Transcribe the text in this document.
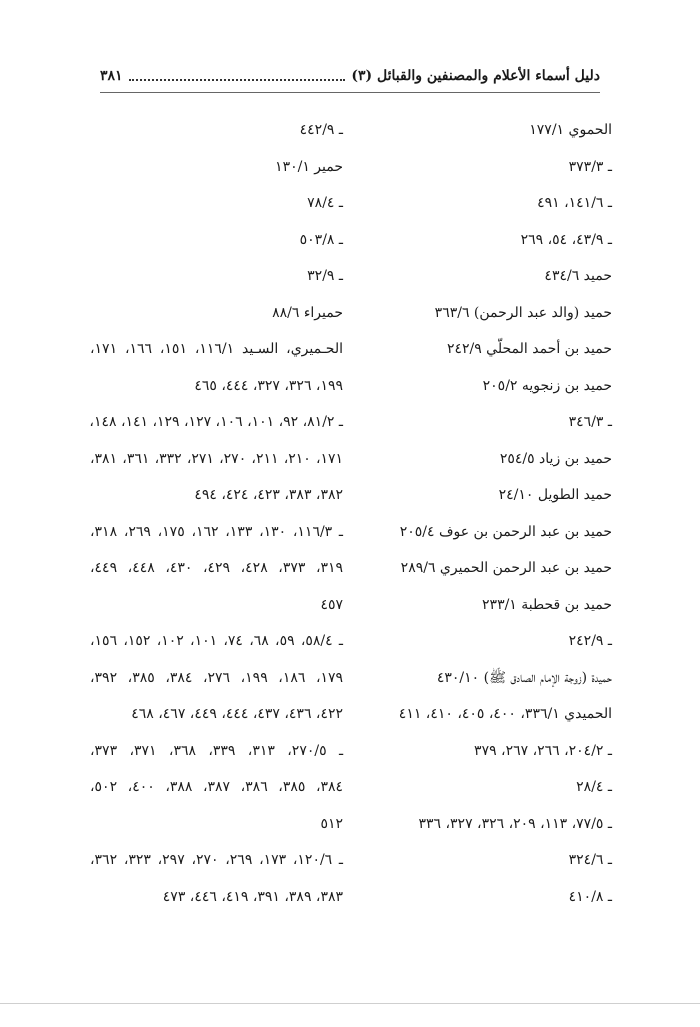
دليل أسماء الأعلام والمصنفين والقبائل (٣)
٣٨١
الحموي ١٧٧/١
ـ ٣٧٣/٣
ـ ١٤١/٦، ٤٩١
ـ ٤٣/٩، ٥٤، ٢٦٩
حميد ٤٣٤/٦
حميد (والد عبد الرحمن) ٣٦٣/٦
حميد بن أحمد المحلّي ٢٤٢/٩
حميد بن زنجويه ٢٠٥/٢
ـ ٣٤٦/٣
حميد بن زياد ٢٥٤/٥
حميد الطويل ٢٤/١٠
حميد بن عبد الرحمن بن عوف ٢٠٥/٤
حميد بن عبد الرحمن الحميري ٢٨٩/٦
حميد بن قحطبة ٢٣٣/١
ـ ٢٤٢/٩
حميدة (زوجة الإمام الصادق ﷺ) ٤٣٠/١٠
الحميدي ٣٣٦/١، ٤٠٠، ٤٠٥، ٤١٠، ٤١١
ـ ٢٠٤/٢، ٢٦٦، ٢٦٧، ٣٧٩
ـ ٢٨/٤
ـ ٧٧/٥، ١١٣، ٢٠٩، ٣٢٦، ٣٢٧، ٣٣٦
ـ ٣٢٤/٦
ـ ٤١٠/٨
ـ ٤٤٢/٩
حمير ١٣٠/١
ـ ٧٨/٤
ـ ٥٠٣/٨
ـ ٣٢/٩
حميراء ٨٨/٦
الحـميري، السـيد ١١٦/١، ١٥١، ١٦٦، ١٧١،
١٩٩، ٣٢٦، ٣٢٧، ٤٤٤، ٤٦٥
ـ ٨١/٢، ٩٢، ١٠١، ١٠٦، ١٢٧، ١٢٩، ١٤١، ١٤٨،
١٧١، ٢١٠، ٢١١، ٢٧٠، ٢٧١، ٣٣٢، ٣٦١، ٣٨١،
٣٨٢، ٣٨٣، ٤٢٣، ٤٢٤، ٤٩٤
ـ ١١٦/٣، ١٣٠، ١٣٣، ١٦٢، ١٧٥، ٢٦٩، ٣١٨،
٣١٩، ٣٧٣، ٤٢٨، ٤٢٩، ٤٣٠، ٤٤٨، ٤٤٩،
٤٥٧
ـ ٥٨/٤، ٥٩، ٦٨، ٧٤، ١٠١، ١٠٢، ١٥٢، ١٥٦،
١٧٩، ١٨٦، ١٩٩، ٢٧٦، ٣٨٤، ٣٨٥، ٣٩٢،
٤٢٢، ٤٣٦، ٤٣٧، ٤٤٤، ٤٤٩، ٤٦٧، ٤٦٨
ـ ٢٧٠/٥، ٣١٣، ٣٣٩، ٣٦٨، ٣٧١، ٣٧٣،
٣٨٤، ٣٨٥، ٣٨٦، ٣٨٧، ٣٨٨، ٤٠٠، ٥٠٢،
٥١٢
ـ ١٢٠/٦، ١٧٣، ٢٦٩، ٢٧٠، ٢٩٧، ٣٢٣، ٣٦٢،
٣٨٣، ٣٨٩، ٣٩١، ٤١٩، ٤٤٦، ٤٧٣
